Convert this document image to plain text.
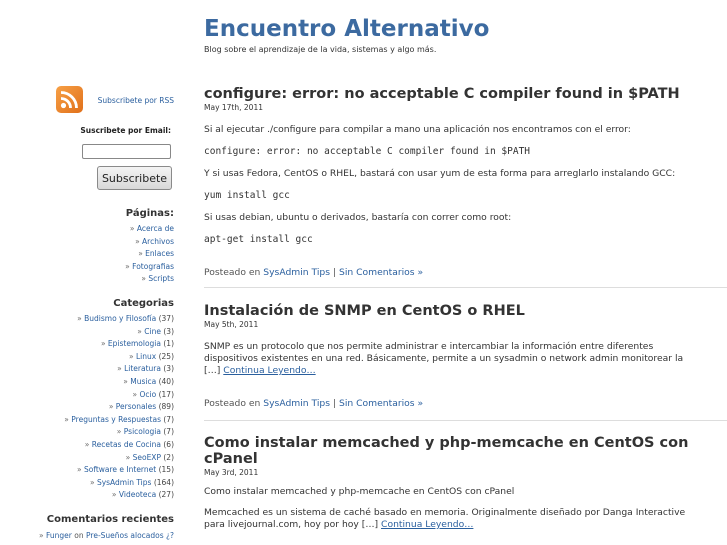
Encuentro Alternativo
Blog sobre el aprendizaje de la vida, sistemas y algo más.
Subscribete por RSS
Suscribete por Email:
Subscribete
Páginas:
» Acerca de
» Archivos
» Enlaces
» Fotografias
» Scripts
Categorias
» Budismo y Filosofía (37)
» Cine (3)
» Epistemologia (1)
» Linux (25)
» Literatura (3)
» Musica (40)
» Ocio (17)
» Personales (89)
» Preguntas y Respuestas (7)
» Psicologia (7)
» Recetas de Cocina (6)
» SeoEXP (2)
» Software e Internet (15)
» SysAdmin Tips (164)
» Videoteca (27)
Comentarios recientes
» Funger on Pre-Sueños alocados ¿?
configure: error: no acceptable C compiler found in $PATH
May 17th, 2011
Si al ejecutar ./configure para compilar a mano una aplicación nos encontramos con el error:
configure: error: no acceptable C compiler found in $PATH
Y si usas Fedora, CentOS o RHEL, bastará con usar yum de esta forma para arreglarlo instalando GCC:
yum install gcc
Si usas debian, ubuntu o derivados, bastaría con correr como root:
apt-get install gcc
Posteado en SysAdmin Tips | Sin Comentarios »
Instalación de SNMP en CentOS o RHEL
May 5th, 2011
SNMP es un protocolo que nos permite administrar e intercambiar la información entre diferentes
dispositivos existentes en una red. Básicamente, permite a un sysadmin o network admin monitorear la
[…] Continua Leyendo…
Posteado en SysAdmin Tips | Sin Comentarios »
Como instalar memcached y php-memcache en CentOS con
cPanel
May 3rd, 2011
Como instalar memcached y php-memcache en CentOS con cPanel
Memcached es un sistema de caché basado en memoria. Originalmente diseñado por Danga Interactive
para livejournal.com, hoy por hoy […] Continua Leyendo…
